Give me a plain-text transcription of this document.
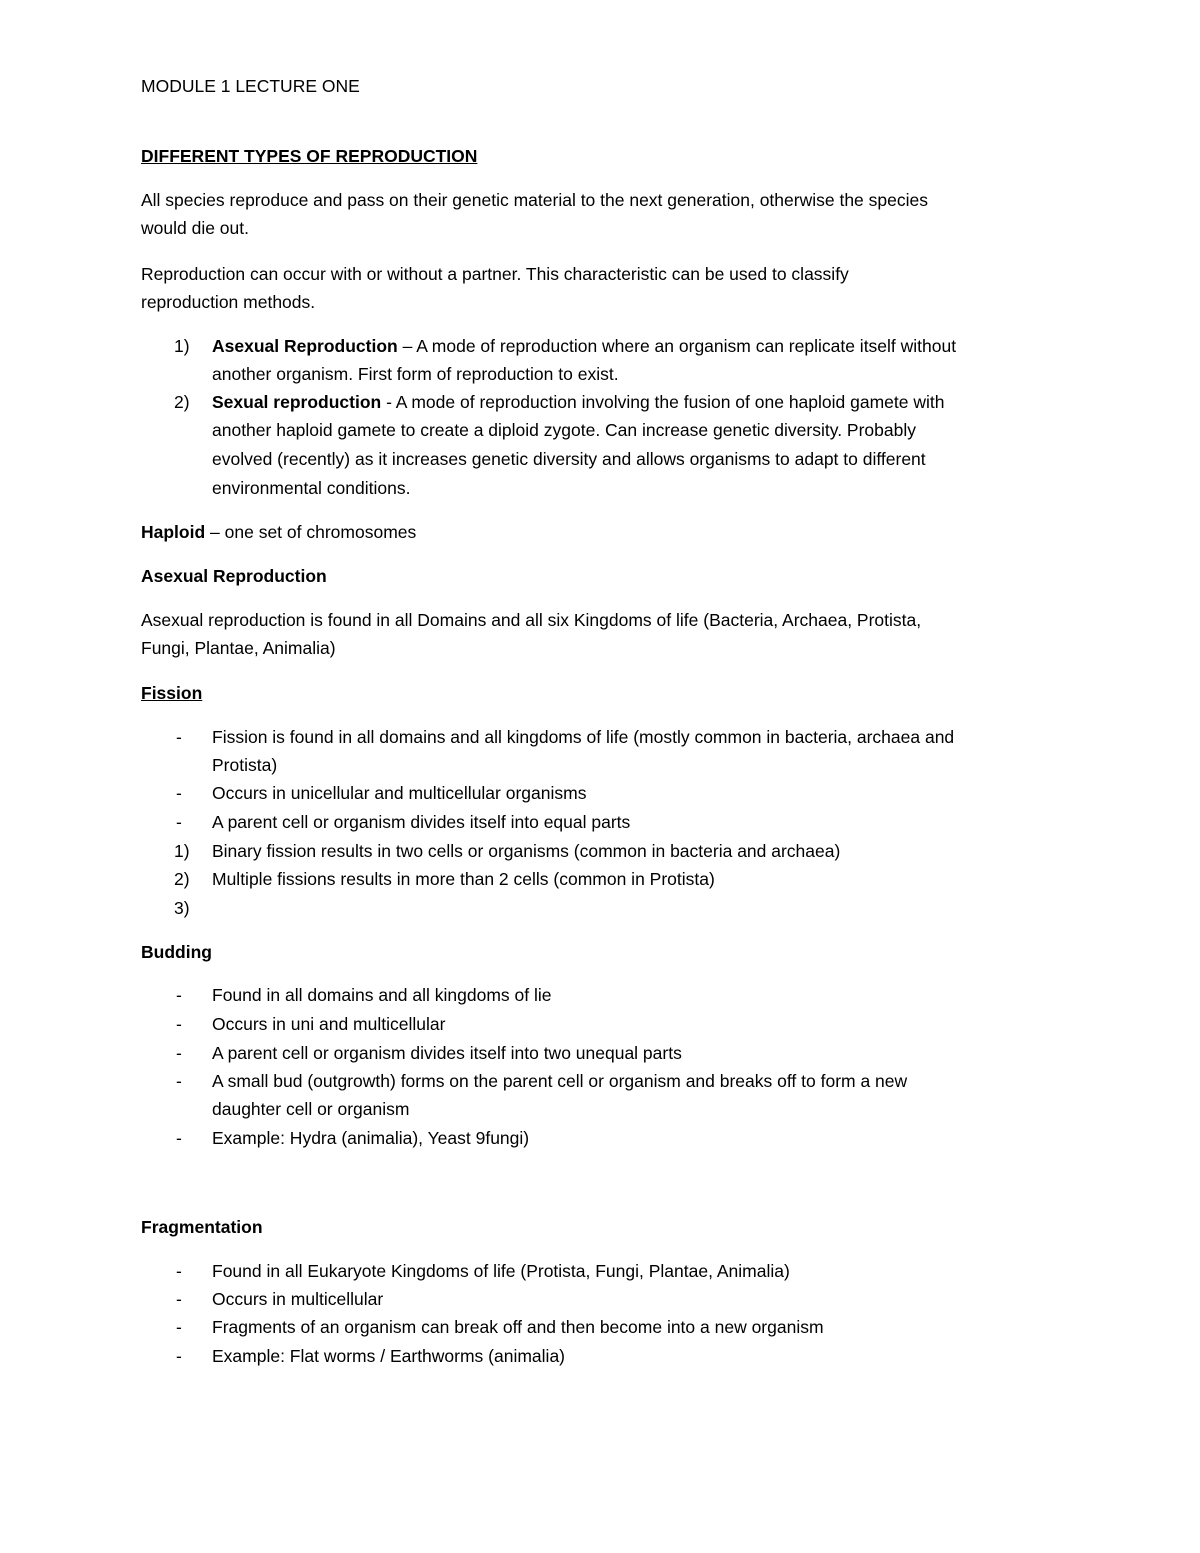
MODULE 1 LECTURE ONE
DIFFERENT TYPES OF REPRODUCTION
All species reproduce and pass on their genetic material to the next generation, otherwise the species
would die out.
Reproduction can occur with or without a partner. This characteristic can be used to classify
reproduction methods.
1) Asexual Reproduction – A mode of reproduction where an organism can replicate itself without
another organism. First form of reproduction to exist.
2) Sexual reproduction - A mode of reproduction involving the fusion of one haploid gamete with
another haploid gamete to create a diploid zygote. Can increase genetic diversity. Probably
evolved (recently) as it increases genetic diversity and allows organisms to adapt to different
environmental conditions.
Haploid – one set of chromosomes
Asexual Reproduction
Asexual reproduction is found in all Domains and all six Kingdoms of life (Bacteria, Archaea, Protista,
Fungi, Plantae, Animalia)
Fission
- Fission is found in all domains and all kingdoms of life (mostly common in bacteria, archaea and
Protista)
- Occurs in unicellular and multicellular organisms
- A parent cell or organism divides itself into equal parts
1) Binary fission results in two cells or organisms (common in bacteria and archaea)
2) Multiple fissions results in more than 2 cells (common in Protista)
3)
Budding
- Found in all domains and all kingdoms of lie
- Occurs in uni and multicellular
- A parent cell or organism divides itself into two unequal parts
- A small bud (outgrowth) forms on the parent cell or organism and breaks off to form a new
daughter cell or organism
- Example: Hydra (animalia), Yeast 9fungi)
Fragmentation
- Found in all Eukaryote Kingdoms of life (Protista, Fungi, Plantae, Animalia)
- Occurs in multicellular
- Fragments of an organism can break off and then become into a new organism
- Example: Flat worms / Earthworms (animalia)
